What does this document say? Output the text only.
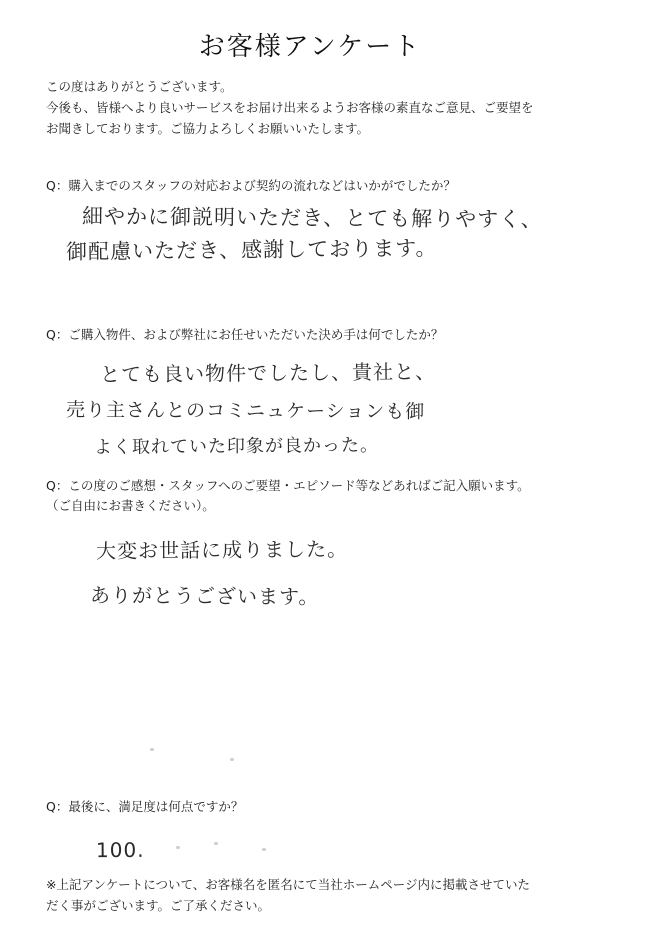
お客様アンケート

この度はありがとうございます。

今後も、皆様へより良いサービスをお届け出来るようお客様の素直なご意見、ご要望を

お聞きしております。ご協力よろしくお願いいたします。

Q：購入までのスタッフの対応および契約の流れなどはいかがでしたか？

細やかに御説明いただき、とても解りやすく、
御配慮いただき、感謝しております。

Q：ご購入物件、および弊社にお任せいただいた決め手は何でしたか？

とても良い物件でしたし、貴社と、
売り主さんとのコミニュケーションも御
よく取れていた印象が良かった。

Q：この度のご感想・スタッフへのご要望・エピソード等などあればご記入願います。

（ご自由にお書きください）。

大変お世話に成りました。
ありがとうございます。

Q：最後に、満足度は何点ですか？

100.

※上記アンケートについて、お客様名を匿名にて当社ホームページ内に掲載させていた

だく事がございます。ご了承ください。
